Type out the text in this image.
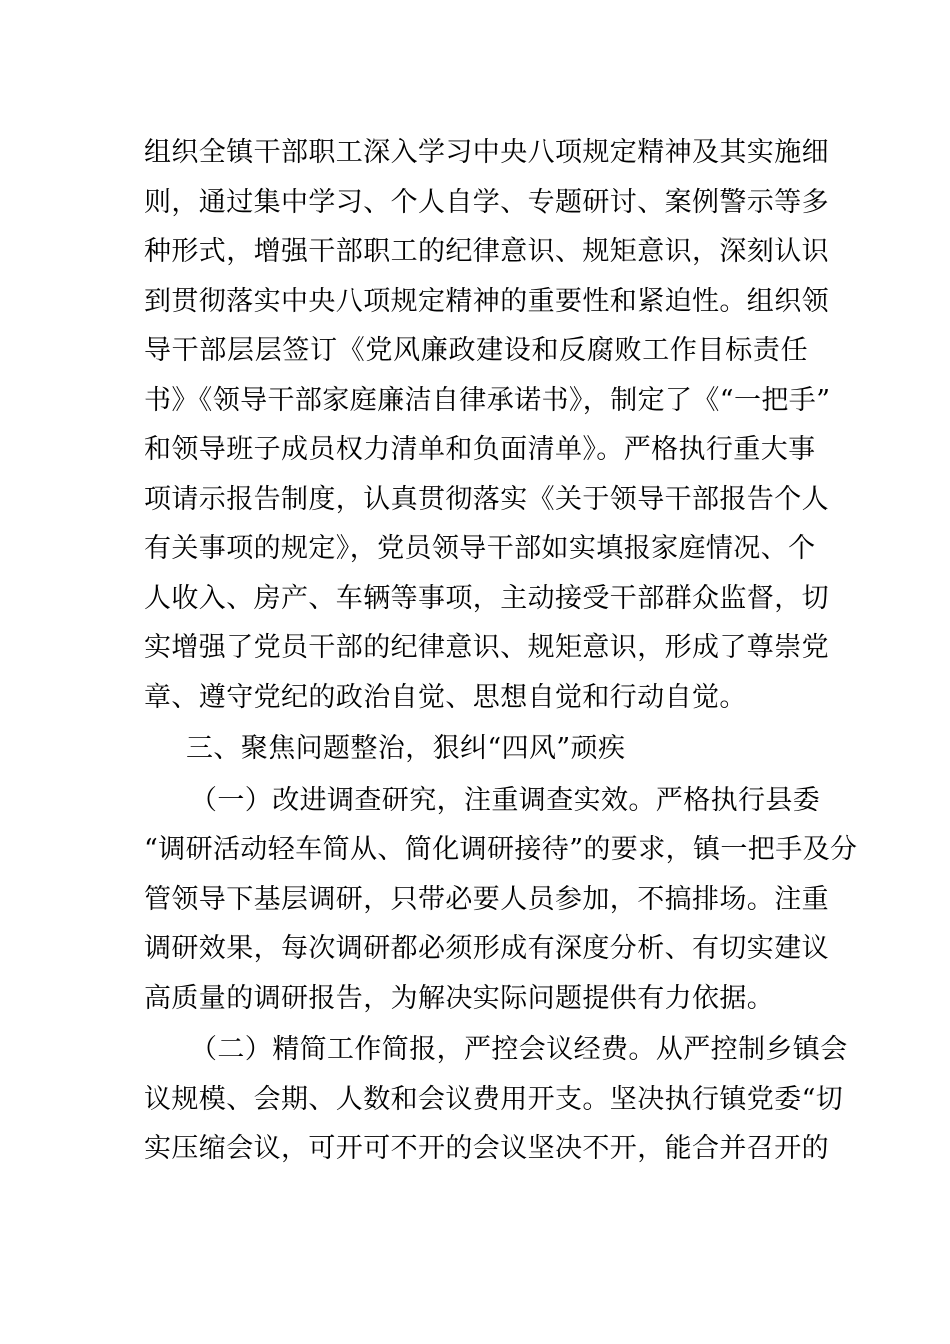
组织全镇干部职工深入学习中央八项规定精神及其实施细
则，通过集中学习、个人自学、专题研讨、案例警示等多
种形式，增强干部职工的纪律意识、规矩意识，深刻认识
到贯彻落实中央八项规定精神的重要性和紧迫性。组织领
导干部层层签订《党风廉政建设和反腐败工作目标责任
书》《领导干部家庭廉洁自律承诺书》，制定了《“一把手”
和领导班子成员权力清单和负面清单》。严格执行重大事
项请示报告制度，认真贯彻落实《关于领导干部报告个人
有关事项的规定》，党员领导干部如实填报家庭情况、个
人收入、房产、车辆等事项，主动接受干部群众监督，切
实增强了党员干部的纪律意识、规矩意识，形成了尊崇党
章、遵守党纪的政治自觉、思想自觉和行动自觉。
三、聚焦问题整治，狠纠“四风”顽疾
（一）改进调查研究，注重调查实效。严格执行县委
“调研活动轻车简从、简化调研接待”的要求，镇一把手及分
管领导下基层调研，只带必要人员参加，不搞排场。注重
调研效果，每次调研都必须形成有深度分析、有切实建议
高质量的调研报告，为解决实际问题提供有力依据。
（二）精简工作简报，严控会议经费。从严控制乡镇会
议规模、会期、人数和会议费用开支。坚决执行镇党委“切
实压缩会议，可开可不开的会议坚决不开，能合并召开的
